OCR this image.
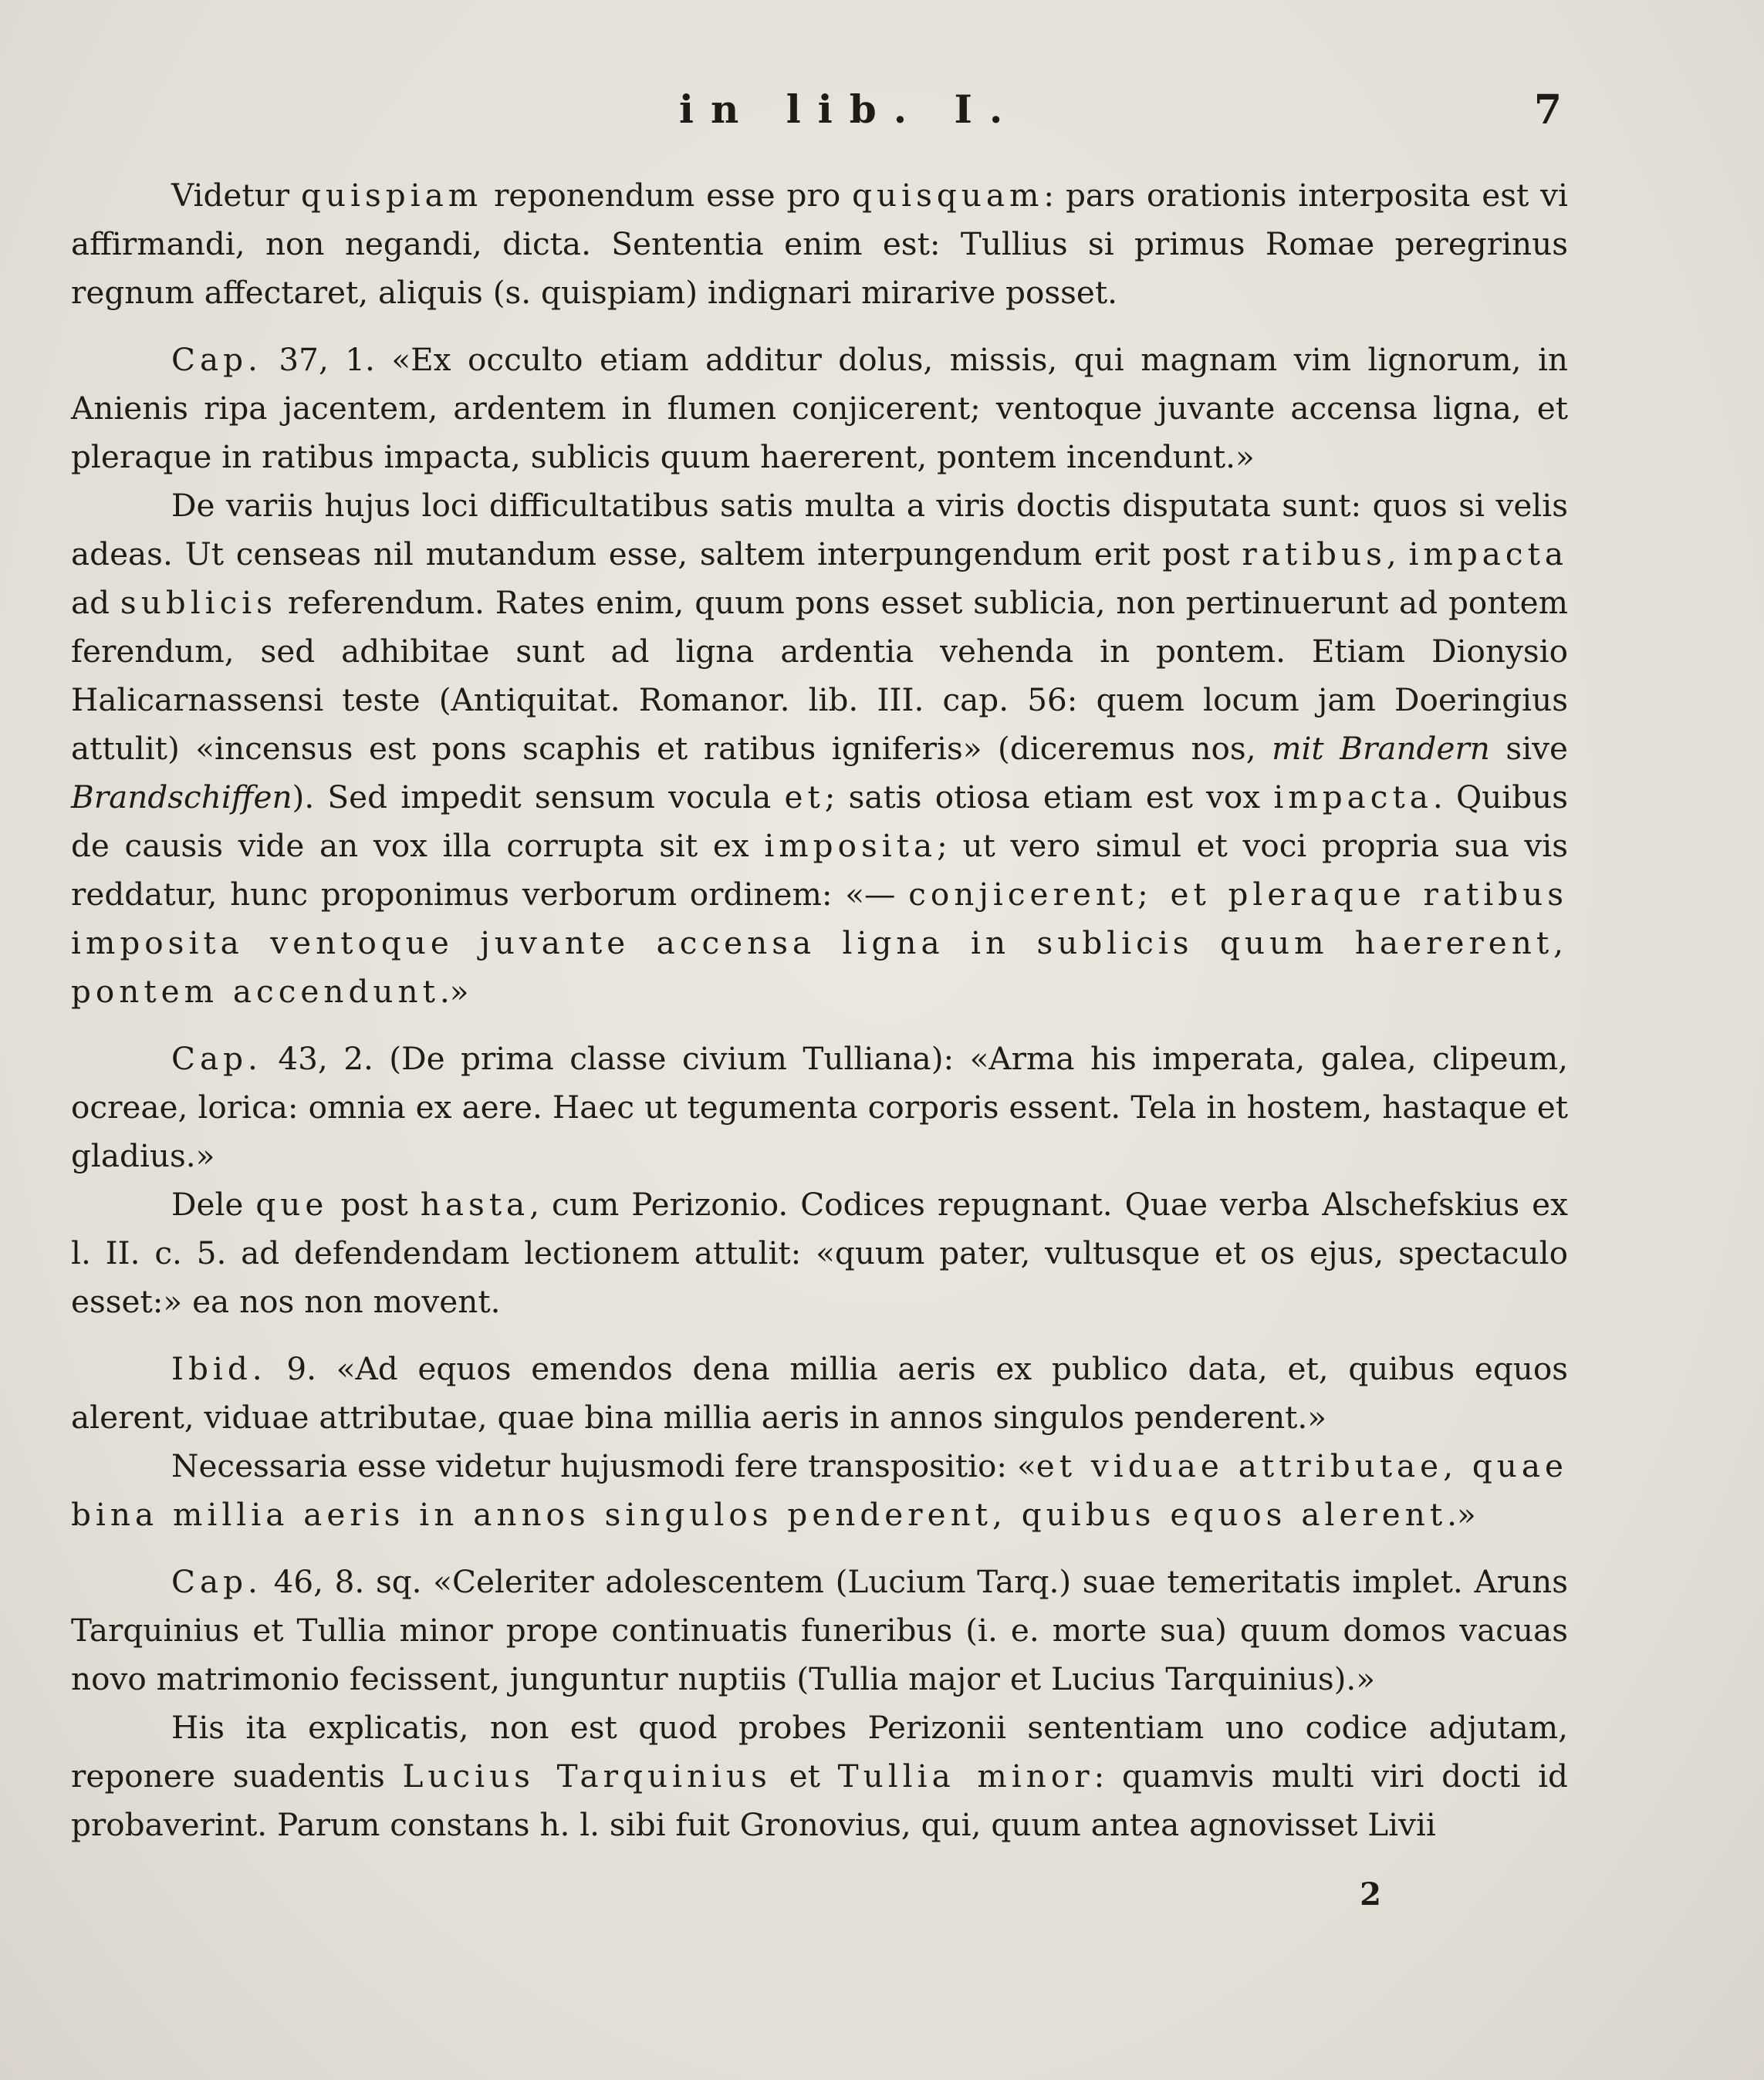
in lib. I.	7

Videtur quispiam reponendum esse pro quisquam: pars orationis interposita est vi affirmandi, non negandi, dicta. Sententia enim est: Tullius si primus Romae peregrinus regnum affectaret, aliquis (s. quispiam) indignari mirarive posset.

Cap. 37, 1. «Ex occulto etiam additur dolus, missis, qui magnam vim lignorum, in Anienis ripa jacentem, ardentem in flumen conjicerent; ventoque juvante accensa ligna, et pleraque in ratibus impacta, sublicis quum haererent, pontem incendunt.»

De variis hujus loci difficultatibus satis multa a viris doctis disputata sunt: quos si velis adeas. Ut censeas nil mutandum esse, saltem interpungendum erit post ratibus, impacta ad sublicis referendum. Rates enim, quum pons esset sublicia, non pertinuerunt ad pontem ferendum, sed adhibitae sunt ad ligna ardentia vehenda in pontem. Etiam Dionysio Halicarnassensi teste (Antiquitat. Romanor. lib. III. cap. 56: quem locum jam Doeringius attulit) «incensus est pons scaphis et ratibus igniferis» (diceremus nos, mit Brandern sive Brandschiffen). Sed impedit sensum vocula et; satis otiosa etiam est vox impacta. Quibus de causis vide an vox illa corrupta sit ex imposita; ut vero simul et voci propria sua vis reddatur, hunc proponimus verborum ordinem: «— conjicerent; et pleraque ratibus imposita ventoque juvante accensa ligna in sublicis quum haererent, pontem accendunt.»

Cap. 43, 2. (De prima classe civium Tulliana): «Arma his imperata, galea, clipeum, ocreae, lorica: omnia ex aere. Haec ut tegumenta corporis essent. Tela in hostem, hastaque et gladius.»

Dele que post hasta, cum Perizonio. Codices repugnant. Quae verba Alschefskius ex l. II. c. 5. ad defendendam lectionem attulit: «quum pater, vultusque et os ejus, spectaculo esset:» ea nos non movent.

Ibid. 9. «Ad equos emendos dena millia aeris ex publico data, et, quibus equos alerent, viduae attributae, quae bina millia aeris in annos singulos penderent.»

Necessaria esse videtur hujusmodi fere transpositio: «et viduae attributae, quae bina millia aeris in annos singulos penderent, quibus equos alerent.»

Cap. 46, 8. sq. «Celeriter adolescentem (Lucium Tarq.) suae temeritatis implet. Aruns Tarquinius et Tullia minor prope continuatis funeribus (i. e. morte sua) quum domos vacuas novo matrimonio fecissent, junguntur nuptiis (Tullia major et Lucius Tarquinius).»

His ita explicatis, non est quod probes Perizonii sententiam uno codice adjutam, reponere suadentis Lucius Tarquinius et Tullia minor: quamvis multi viri docti id probaverint. Parum constans h. l. sibi fuit Gronovius, qui, quum antea agnovisset Livii

2
